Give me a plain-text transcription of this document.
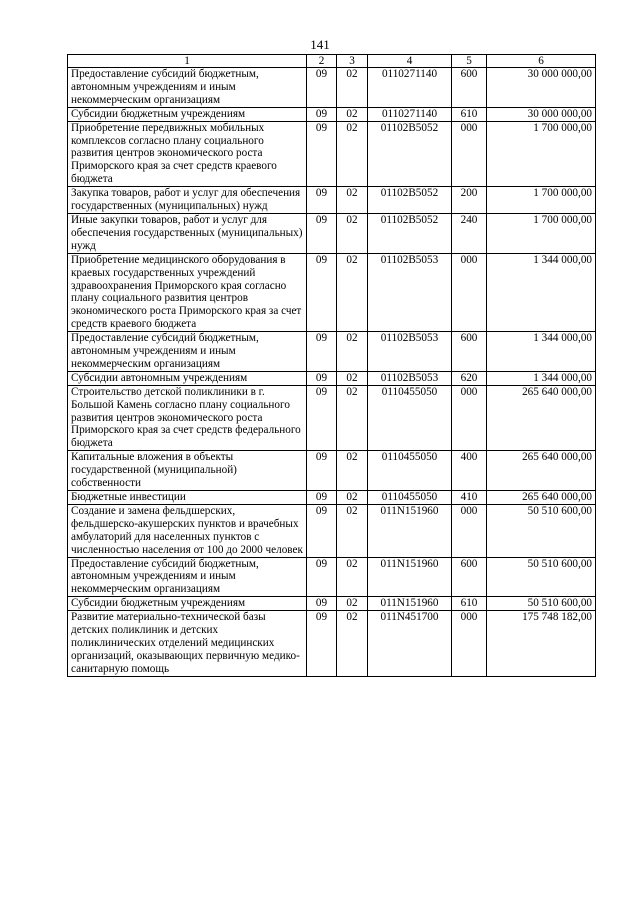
141
1	2	3	4	5	6
Предоставление субсидий бюджетным, автономным учреждениям и иным некоммерческим организациям	09	02	0110271140	600	30 000 000,00
Субсидии бюджетным учреждениям	09	02	0110271140	610	30 000 000,00
Приобретение передвижных мобильных комплексов согласно плану социального развития центров экономического роста Приморского края за счет средств краевого бюджета	09	02	01102B5052	000	1 700 000,00
Закупка товаров, работ и услуг для обеспечения государственных (муниципальных) нужд	09	02	01102B5052	200	1 700 000,00
Иные закупки товаров, работ и услуг для обеспечения государственных (муниципальных) нужд	09	02	01102B5052	240	1 700 000,00
Приобретение медицинского оборудования в краевых государственных учреждений здравоохранения Приморского края согласно плану социального развития центров экономического роста Приморского края за счет средств краевого бюджета	09	02	01102B5053	000	1 344 000,00
Предоставление субсидий бюджетным, автономным учреждениям и иным некоммерческим организациям	09	02	01102B5053	600	1 344 000,00
Субсидии автономным учреждениям	09	02	01102B5053	620	1 344 000,00
Строительство детской поликлиники в г. Большой Камень согласно плану социального развития центров экономического роста Приморского края за счет средств федерального бюджета	09	02	0110455050	000	265 640 000,00
Капитальные вложения в объекты государственной (муниципальной) собственности	09	02	0110455050	400	265 640 000,00
Бюджетные инвестиции	09	02	0110455050	410	265 640 000,00
Создание и замена фельдшерских, фельдшерско-акушерских пунктов и врачебных амбулаторий для населенных пунктов с численностью населения от 100 до 2000 человек	09	02	011N151960	000	50 510 600,00
Предоставление субсидий бюджетным, автономным учреждениям и иным некоммерческим организациям	09	02	011N151960	600	50 510 600,00
Субсидии бюджетным учреждениям	09	02	011N151960	610	50 510 600,00
Развитие материально-технической базы детских поликлиник и детских поликлинических отделений медицинских организаций, оказывающих первичную медико-санитарную помощь	09	02	011N451700	000	175 748 182,00
